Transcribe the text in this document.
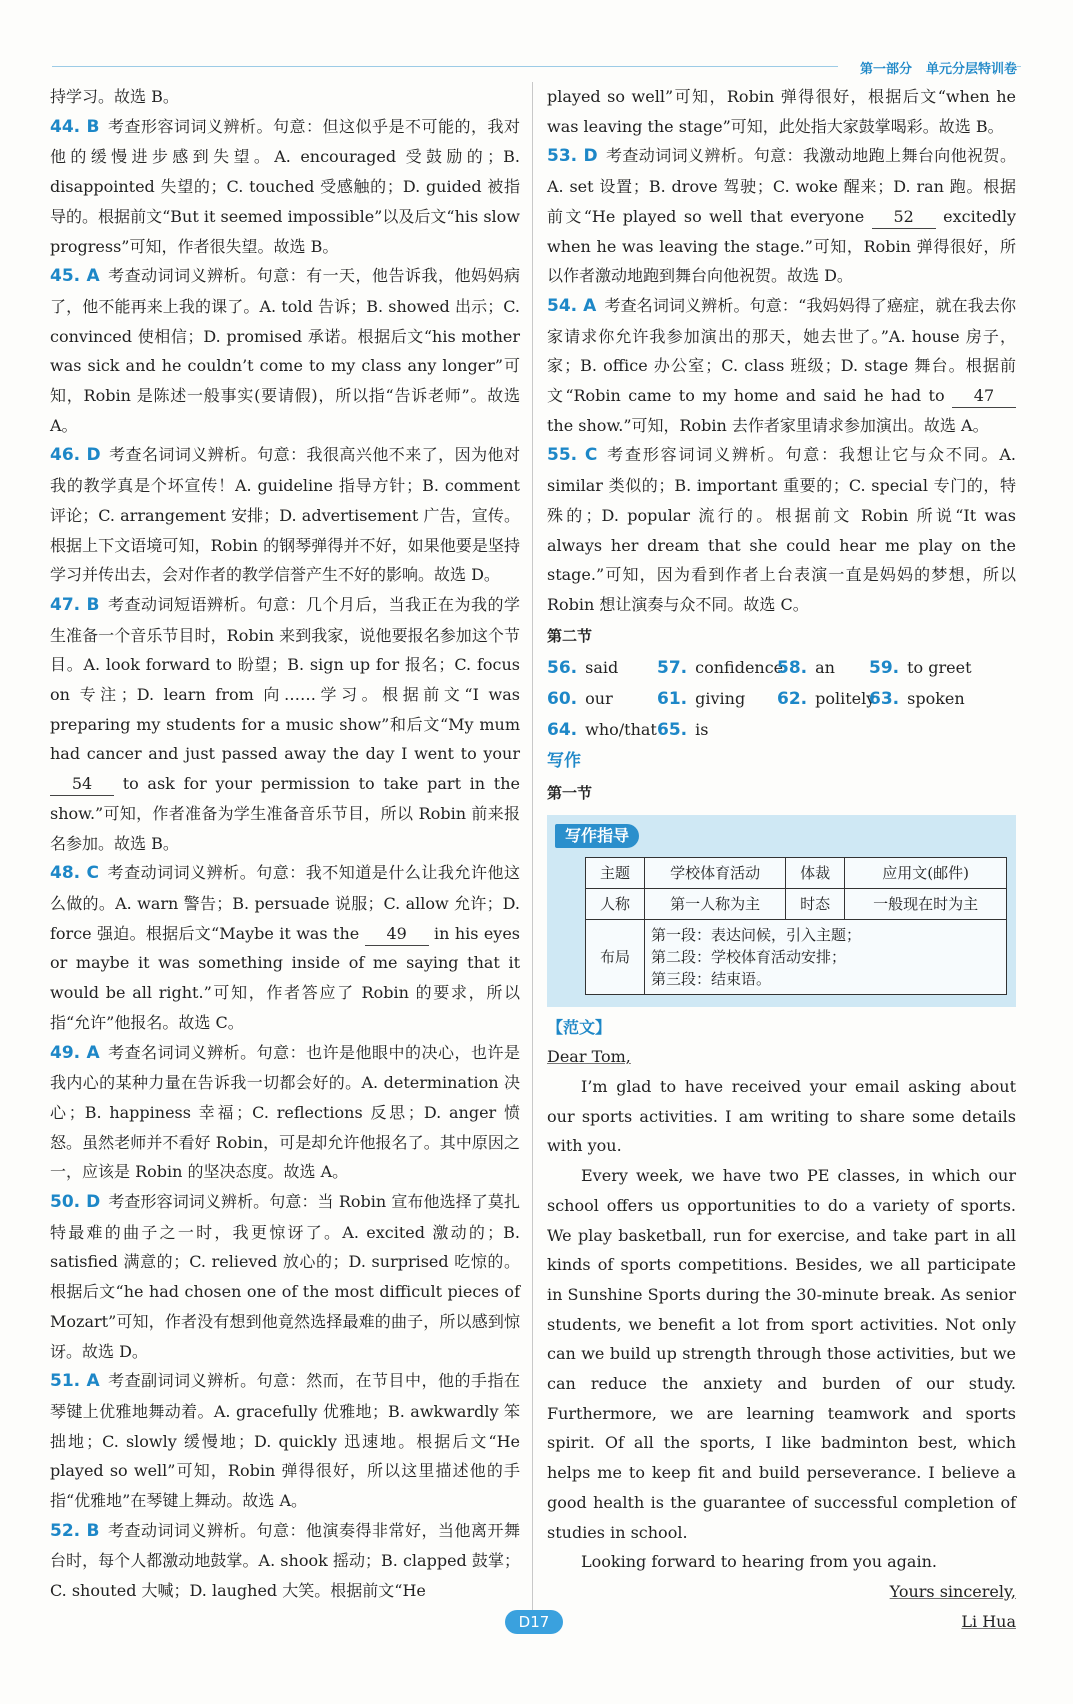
第一部分 单元分层特训卷

持学习。故选 B。

44. B 考查形容词词义辨析。句意：但这似乎是不可能的，我对他的缓慢进步感到失望。A. encouraged 受鼓励的；B. disappointed 失望的；C. touched 受感触的；D. guided 被指导的。根据前文“But it seemed impossible”以及后文“his slow progress”可知，作者很失望。故选 B。

45. A 考查动词词义辨析。句意：有一天，他告诉我，他妈妈病了，他不能再来上我的课了。A. told 告诉；B. showed 出示；C. convinced 使相信；D. promised 承诺。根据后文“his mother was sick and he couldn’t come to my class any longer”可知，Robin 是陈述一般事实(要请假)，所以指“告诉老师”。故选 A。

46. D 考查名词词义辨析。句意：我很高兴他不来了，因为他对我的教学真是个坏宣传！A. guideline 指导方针；B. comment 评论；C. arrangement 安排；D. advertisement 广告，宣传。根据上下文语境可知，Robin 的钢琴弹得并不好，如果他要是坚持学习并传出去，会对作者的教学信誉产生不好的影响。故选 D。

47. B 考查动词短语辨析。句意：几个月后，当我正在为我的学生准备一个音乐节目时，Robin 来到我家，说他要报名参加这个节目。A. look forward to 盼望；B. sign up for 报名；C. focus on 专注；D. learn from 向……学习。根据前文“I was preparing my students for a music show”和后文“My mum had cancer and just passed away the day I went to your 54 to ask for your permission to take part in the show.”可知，作者准备为学生准备音乐节目，所以 Robin 前来报名参加。故选 B。

48. C 考查动词词义辨析。句意：我不知道是什么让我允许他这么做的。A. warn 警告；B. persuade 说服；C. allow 允许；D. force 强迫。根据后文“Maybe it was the 49 in his eyes or maybe it was something inside of me saying that it would be all right.”可知，作者答应了 Robin 的要求，所以指“允许”他报名。故选 C。

49. A 考查名词词义辨析。句意：也许是他眼中的决心，也许是我内心的某种力量在告诉我一切都会好的。A. determination 决心；B. happiness 幸福；C. reflections 反思；D. anger 愤怒。虽然老师并不看好 Robin，可是却允许他报名了。其中原因之一，应该是 Robin 的坚决态度。故选 A。

50. D 考查形容词词义辨析。句意：当 Robin 宣布他选择了莫扎特最难的曲子之一时，我更惊讶了。A. excited 激动的；B. satisfied 满意的；C. relieved 放心的；D. surprised 吃惊的。根据后文“he had chosen one of the most difficult pieces of Mozart”可知，作者没有想到他竟然选择最难的曲子，所以感到惊讶。故选 D。

51. A 考查副词词义辨析。句意：然而，在节目中，他的手指在琴键上优雅地舞动着。A. gracefully 优雅地；B. awkwardly 笨拙地；C. slowly 缓慢地；D. quickly 迅速地。根据后文“He played so well”可知，Robin 弹得很好，所以这里描述他的手指“优雅地”在琴键上舞动。故选 A。

52. B 考查动词词义辨析。句意：他演奏得非常好，当他离开舞台时，每个人都激动地鼓掌。A. shook 摇动；B. clapped 鼓掌；C. shouted 大喊；D. laughed 大笑。根据前文“He

played so well”可知，Robin 弹得很好，根据后文“when he was leaving the stage”可知，此处指大家鼓掌喝彩。故选 B。

53. D 考查动词词义辨析。句意：我激动地跑上舞台向他祝贺。A. set 设置；B. drove 驾驶；C. woke 醒来；D. ran 跑。根据前文“He played so well that everyone 52 excitedly when he was leaving the stage.”可知，Robin 弹得很好，所以作者激动地跑到舞台向他祝贺。故选 D。

54. A 考查名词词义辨析。句意：“我妈妈得了癌症，就在我去你家请求你允许我参加演出的那天，她去世了。”A. house 房子，家；B. office 办公室；C. class 班级；D. stage 舞台。根据前文“Robin came to my home and said he had to 47 the show.”可知，Robin 去作者家里请求参加演出。故选 A。

55. C 考查形容词词义辨析。句意：我想让它与众不同。A. similar 类似的；B. important 重要的；C. special 专门的，特殊的；D. popular 流行的。根据前文 Robin 所说“It was always her dream that she could hear me play on the stage.”可知，因为看到作者上台表演一直是妈妈的梦想，所以 Robin 想让演奏与众不同。故选 C。

第二节
56. said	57. confidence
58. an	59. to greet
60. our	61. giving	62. politely
63. spoken
64. who/that 65. is
写作
第一节
写作指导
主题	学校体育活动	体裁	应用文(邮件)
人称	第一人称为主	时态	一般现在时为主
布局	第一段：表达问候，引入主题；
第二段：学校体育活动安排；
第三段：结束语。		
【范文】

Dear Tom,

I’m glad to have received your email asking about our sports activities. I am writing to share some details with you.

Every week, we have two PE classes, in which our school offers us opportunities to do a variety of sports. We play basketball, run for exercise, and take part in all kinds of sports competitions. Besides, we all participate in Sunshine Sports during the 30-minute break. As senior students, we benefit a lot from sport activities. Not only can we build up strength through those activities, but we can reduce the anxiety and burden of our study. Furthermore, we are learning teamwork and sports spirit. Of all the sports, I like badminton best, which helps me to keep fit and build perseverance. I believe a good health is the guarantee of successful completion of studies in school.

Looking forward to hearing from you again.

Yours sincerely,

Li Hua

D17
